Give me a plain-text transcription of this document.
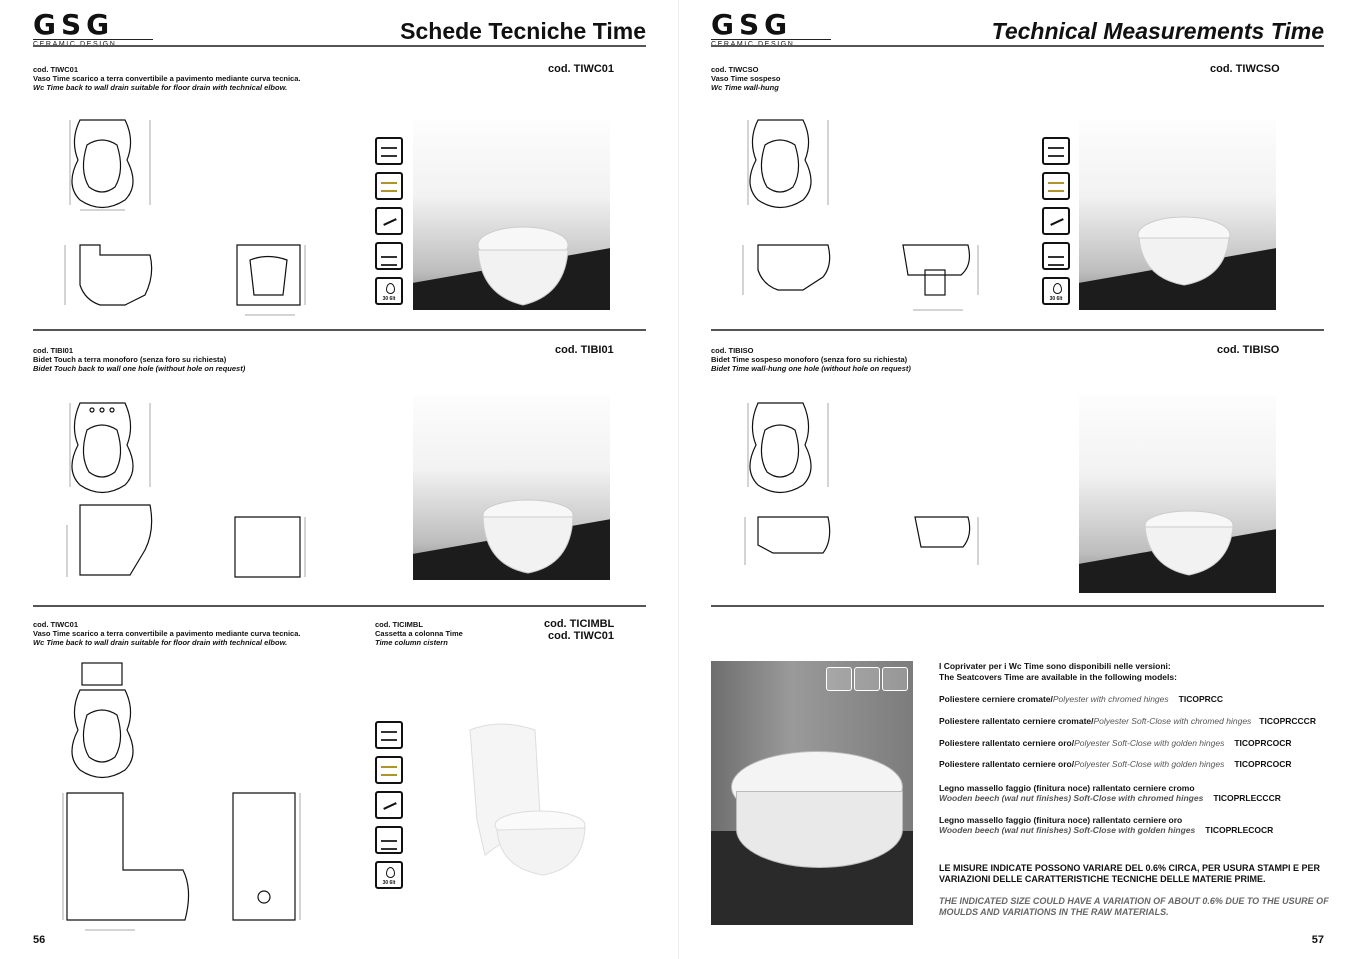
GSG	Schede Tecniche Time
cod. TIWC01
Vaso Time scarico a terra convertibile a pavimento mediante curva tecnica.
Wc Time back to wall drain suitable for floor drain with technical elbow.
cod. TIWC01
30 6lt
cod. TIBI01
Bidet Touch a terra monoforo (senza foro su richiesta)
Bidet Touch back to wall one hole (without hole on request)
cod. TIBI01
cod. TIWC01
Vaso Time scarico a terra convertibile a pavimento mediante curva tecnica.
Wc Time back to wall drain suitable for floor drain with technical elbow.
cod. TICIMBL
Cassetta a colonna Time
Time column cistern
cod. TICIMBL
cod. TIWC01
30 6lt
56
GSG	Technical Measurements Time
cod. TIWCSO
Vaso Time sospeso
Wc Time wall-hung
cod. TIWCSO
30 6lt
cod. TIBISO
Bidet Time sospeso monoforo (senza foro su richiesta)
Bidet Time wall-hung one hole (without hole on request)
cod. TIBISO
I Coprivater per i Wc Time sono disponibili nelle versioni:
The Seatcovers Time are available in the following models:
Poliestere cerniere cromate/Polyester with chromed hinges TICOPRCC
Poliestere rallentato cerniere cromate/Polyester Soft-Close with chromed hinges TICOPRCCCR
Poliestere rallentato cerniere oro/Polyester Soft-Close with golden hinges TICOPRCOCR
Poliestere rallentato cerniere oro/Polyester Soft-Close with golden hinges TICOPRCOCR
Legno massello faggio (finitura noce) rallentato cerniere cromo
Wooden beech (wal nut finishes) Soft-Close with chromed hinges TICOPRLECCCR
Legno massello faggio (finitura noce) rallentato cerniere oro
Wooden beech (wal nut finishes) Soft-Close with golden hinges TICOPRLECOCR
LE MISURE INDICATE POSSONO VARIARE DEL 0.6% CIRCA, PER USURA STAMPI E PER VARIAZIONI DELLE CARATTERISTICHE TECNICHE DELLE MATERIE PRIME.
THE INDICATED SIZE COULD HAVE A VARIATION OF ABOUT 0.6% DUE TO THE USURE OF MOULDS AND VARIATIONS IN THE RAW MATERIALS.
57
